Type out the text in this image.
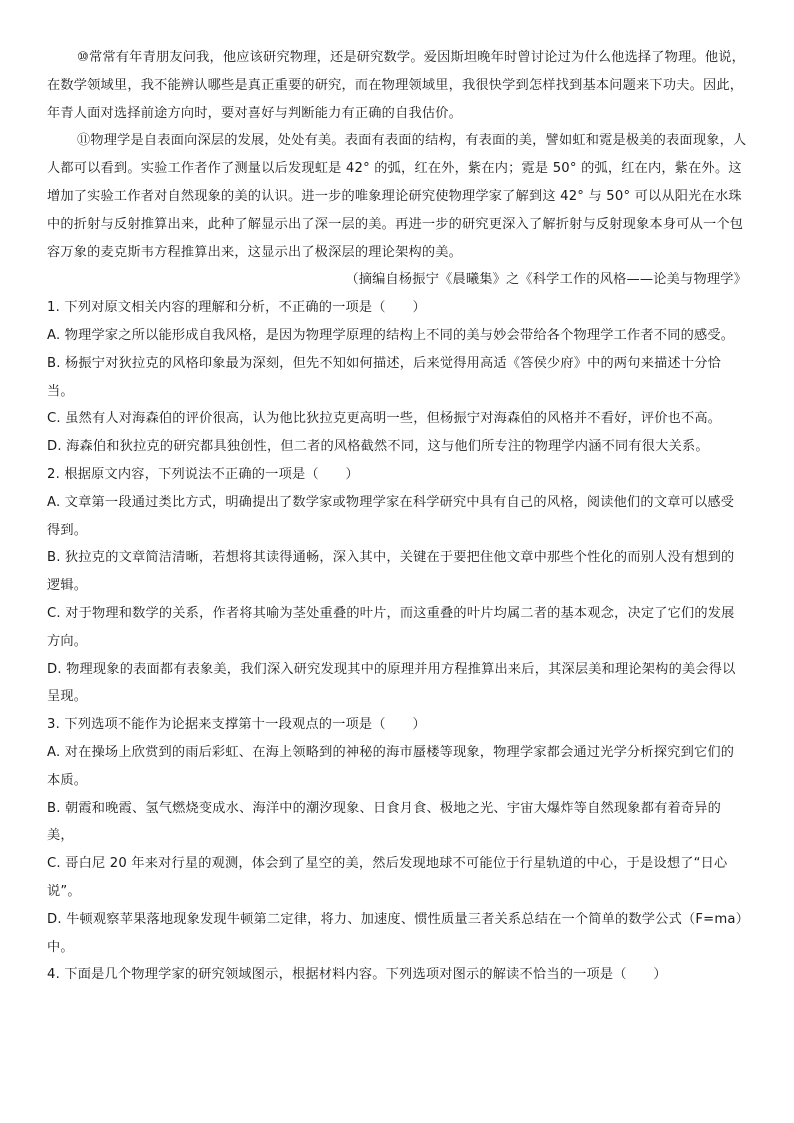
⑩常常有年青朋友问我，他应该研究物理，还是研究数学。爱因斯坦晚年时曾讨论过为什么他选择了物理。他说，在数学领域里，我不能辨认哪些是真正重要的研究，而在物理领域里，我很快学到怎样找到基本问题来下功夫。因此，年青人面对选择前途方向时，要对喜好与判断能力有正确的自我估价。

⑪物理学是自表面向深层的发展，处处有美。表面有表面的结构，有表面的美，譬如虹和霓是极美的表面现象，人人都可以看到。实验工作者作了测量以后发现虹是 42° 的弧，红在外，紫在内；霓是 50° 的弧，红在内，紫在外。这增加了实验工作者对自然现象的美的认识。进一步的唯象理论研究使物理学家了解到这 42° 与 50° 可以从阳光在水珠中的折射与反射推算出来，此种了解显示出了深一层的美。再进一步的研究更深入了解折射与反射现象本身可从一个包容万象的麦克斯韦方程推算出来，这显示出了极深层的理论架构的美。

（摘编自杨振宁《晨曦集》之《科学工作的风格——论美与物理学》

1. 下列对原文相关内容的理解和分析，不正确的一项是（　　）

A. 物理学家之所以能形成自我风格，是因为物理学原理的结构上不同的美与妙会带给各个物理学工作者不同的感受。

B. 杨振宁对狄拉克的风格印象最为深刻，但先不知如何描述，后来觉得用高适《答侯少府》中的两句来描述十分恰当。

C. 虽然有人对海森伯的评价很高，认为他比狄拉克更高明一些，但杨振宁对海森伯的风格并不看好，评价也不高。

D. 海森伯和狄拉克的研究都具独创性，但二者的风格截然不同，这与他们所专注的物理学内涵不同有很大关系。

2. 根据原文内容，下列说法不正确的一项是（　　）

A. 文章第一段通过类比方式，明确提出了数学家或物理学家在科学研究中具有自己的风格，阅读他们的文章可以感受得到。

B. 狄拉克的文章简洁清晰，若想将其读得通畅，深入其中，关键在于要把住他文章中那些个性化的而别人没有想到的逻辑。

C. 对于物理和数学的关系，作者将其喻为茎处重叠的叶片，而这重叠的叶片均属二者的基本观念，决定了它们的发展方向。

D. 物理现象的表面都有表象美，我们深入研究发现其中的原理并用方程推算出来后，其深层美和理论架构的美会得以呈现。

3. 下列选项不能作为论据来支撑第十一段观点的一项是（　　）

A. 对在操场上欣赏到的雨后彩虹、在海上领略到的神秘的海市蜃楼等现象，物理学家都会通过光学分析探究到它们的本质。

B. 朝霞和晚霞、氢气燃烧变成水、海洋中的潮汐现象、日食月食、极地之光、宇宙大爆炸等自然现象都有着奇异的美，

C. 哥白尼 20 年来对行星的观测，体会到了星空的美，然后发现地球不可能位于行星轨道的中心，于是设想了“日心说”。

D. 牛顿观察苹果落地现象发现牛顿第二定律，将力、加速度、惯性质量三者关系总结在一个简单的数学公式（F=ma）中。

4. 下面是几个物理学家的研究领域图示，根据材料内容。下列选项对图示的解读不恰当的一项是（　　）
